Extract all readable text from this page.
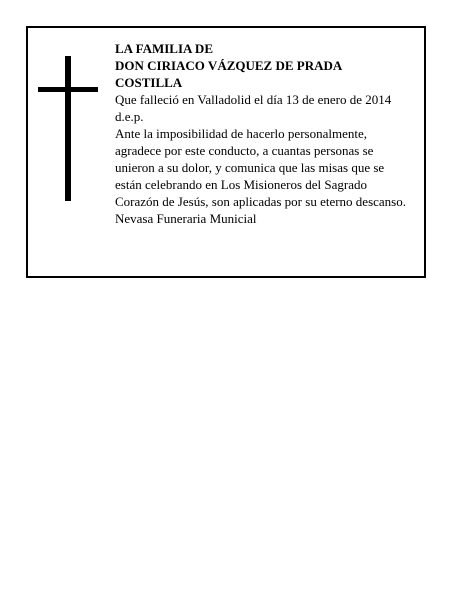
LA FAMILIA DE
DON CIRIACO VÁZQUEZ DE PRADA
COSTILLA
Que falleció en Valladolid el día 13 de enero de 2014
d.e.p.
Ante la imposibilidad de hacerlo personalmente,
agradece por este conducto, a cuantas personas se
unieron a su dolor, y comunica que las misas que se
están celebrando en Los Misioneros del Sagrado
Corazón de Jesús, son aplicadas por su eterno descanso.
Nevasa Funeraria Municial
